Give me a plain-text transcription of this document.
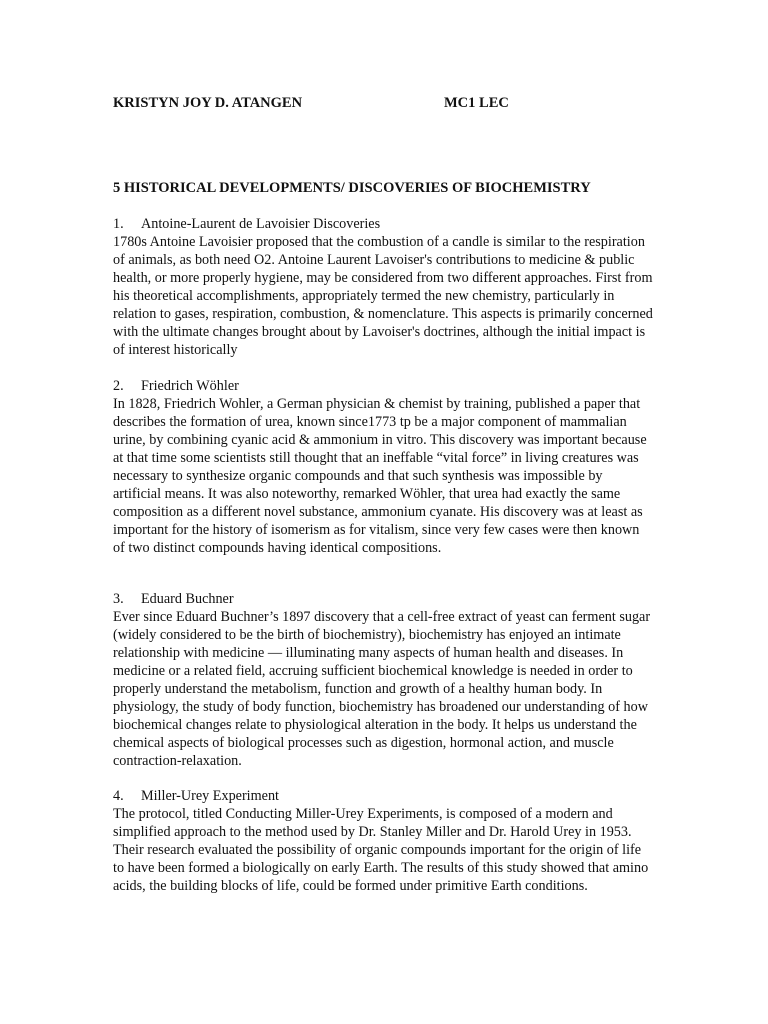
KRISTYN JOY D. ATANGEN	MC1 LEC
5 HISTORICAL DEVELOPMENTS/ DISCOVERIES OF BIOCHEMISTRY
1. Antoine-Laurent de Lavoisier Discoveries
1780s Antoine Lavoisier proposed that the combustion of a candle is similar to the respiration of animals, as both need O2. Antoine Laurent Lavoiser's contributions to medicine & public health, or more properly hygiene, may be considered from two different approaches. First from his theoretical accomplishments, appropriately termed the new chemistry, particularly in relation to gases, respiration, combustion, & nomenclature. This aspects is primarily concerned with the ultimate changes brought about by Lavoiser's doctrines, although the initial impact is of interest historically
2. Friedrich Wöhler
In 1828, Friedrich Wohler, a German physician & chemist by training, published a paper that describes the formation of urea, known since1773 tp be a major component of mammalian urine, by combining cyanic acid & ammonium in vitro. This discovery was important because at that time some scientists still thought that an ineffable “vital force” in living creatures was necessary to synthesize organic compounds and that such synthesis was impossible by artificial means. It was also noteworthy, remarked Wöhler, that urea had exactly the same composition as a different novel substance, ammonium cyanate. His discovery was at least as important for the history of isomerism as for vitalism, since very few cases were then known of two distinct compounds having identical compositions.
3. Eduard Buchner
Ever since Eduard Buchner’s 1897 discovery that a cell-free extract of yeast can ferment sugar (widely considered to be the birth of biochemistry), biochemistry has enjoyed an intimate relationship with medicine — illuminating many aspects of human health and diseases. In medicine or a related field, accruing sufficient biochemical knowledge is needed in order to properly understand the metabolism, function and growth of a healthy human body. In physiology, the study of body function, biochemistry has broadened our understanding of how biochemical changes relate to physiological alteration in the body. It helps us understand the chemical aspects of biological processes such as digestion, hormonal action, and muscle contraction-relaxation.
4. Miller-Urey Experiment
The protocol, titled Conducting Miller-Urey Experiments, is composed of a modern and simplified approach to the method used by Dr. Stanley Miller and Dr. Harold Urey in 1953. Their research evaluated the possibility of organic compounds important for the origin of life to have been formed a biologically on early Earth. The results of this study showed that amino acids, the building blocks of life, could be formed under primitive Earth conditions.
